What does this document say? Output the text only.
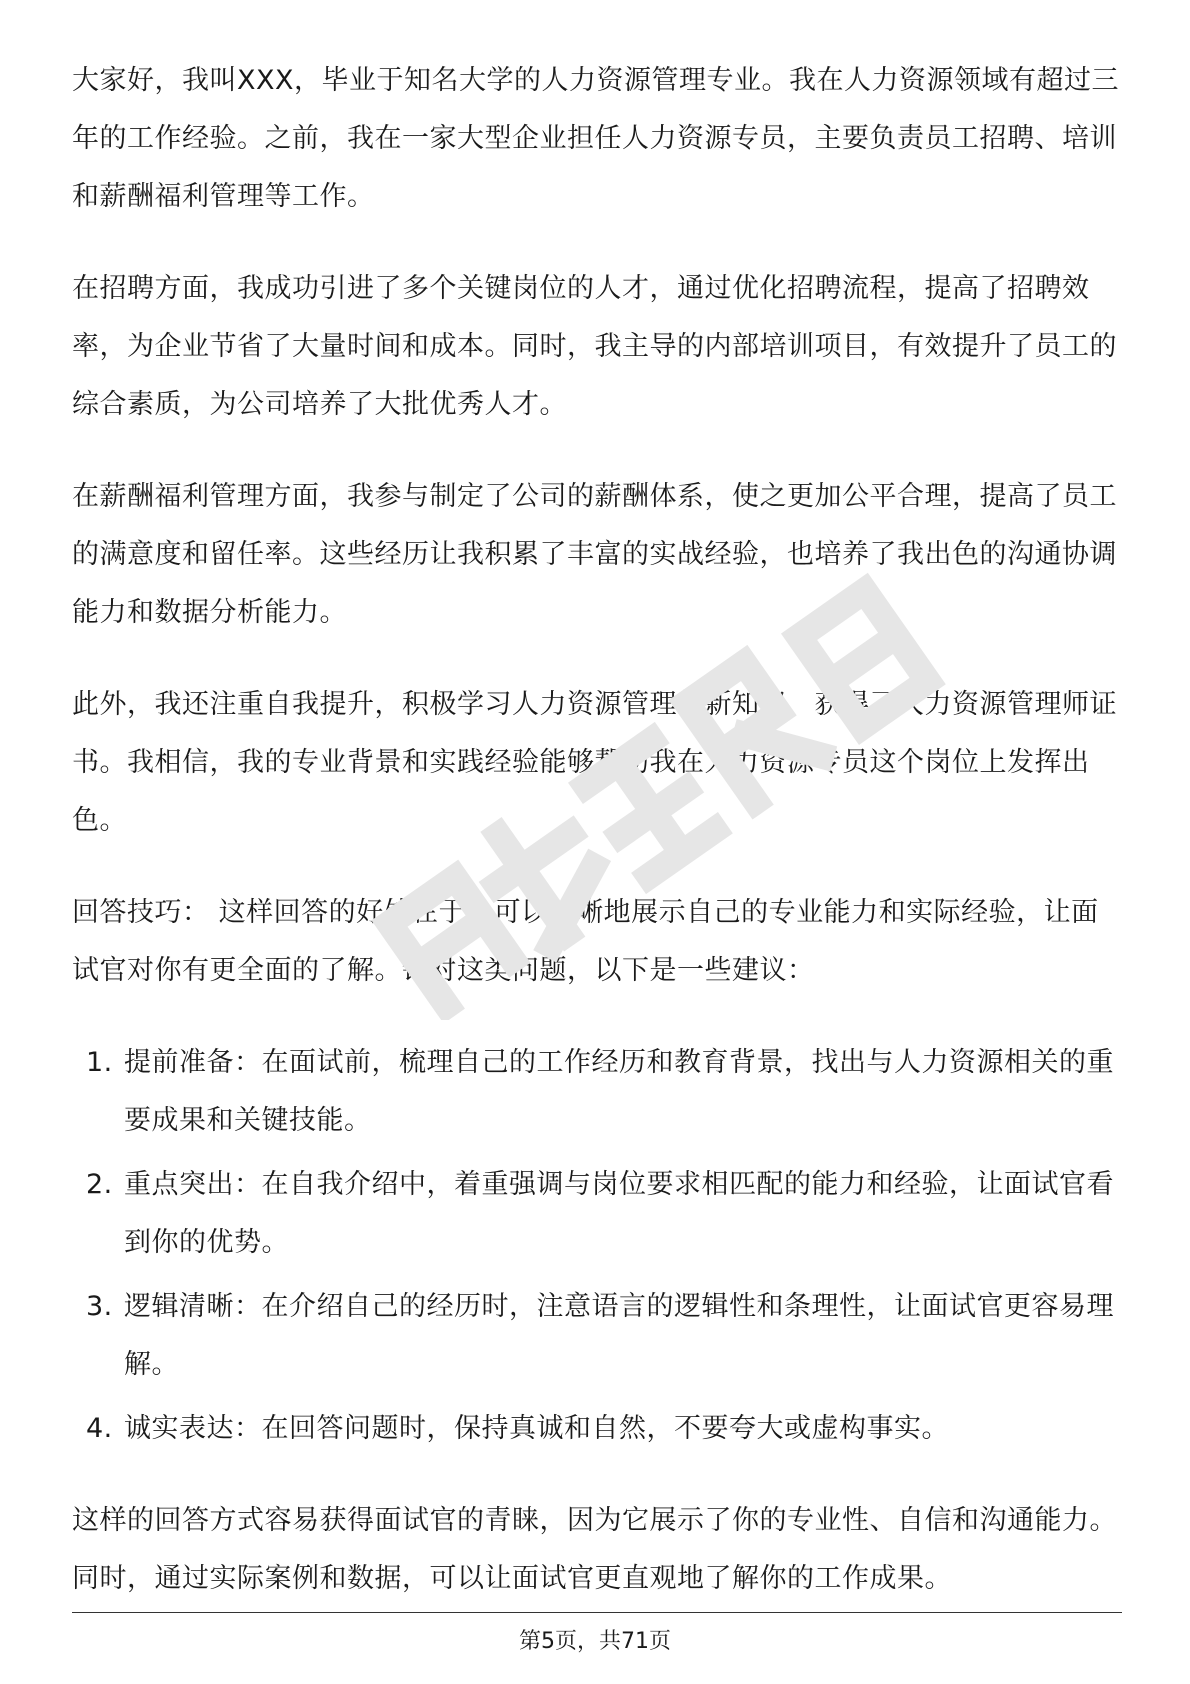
大家好，我叫XXX，毕业于知名大学的人力资源管理专业。我在人力资源领域有超过三年的工作经验。之前，我在一家大型企业担任人力资源专员，主要负责员工招聘、培训和薪酬福利管理等工作。

在招聘方面，我成功引进了多个关键岗位的人才，通过优化招聘流程，提高了招聘效率，为企业节省了大量时间和成本。同时，我主导的内部培训项目，有效提升了员工的综合素质，为公司培养了大批优秀人才。

在薪酬福利管理方面，我参与制定了公司的薪酬体系，使之更加公平合理，提高了员工的满意度和留任率。这些经历让我积累了丰富的实战经验，也培养了我出色的沟通协调能力和数据分析能力。

此外，我还注重自我提升，积极学习人力资源管理的新知识，获得了人力资源管理师证书。我相信，我的专业背景和实践经验能够帮助我在人力资源专员这个岗位上发挥出色。

回答技巧： 这样回答的好处在于，可以清晰地展示自己的专业能力和实际经验，让面试官对你有更全面的了解。针对这类问题，以下是一些建议：

1. 提前准备：在面试前，梳理自己的工作经历和教育背景，找出与人力资源相关的重要成果和关键技能。
2. 重点突出：在自我介绍中，着重强调与岗位要求相匹配的能力和经验，让面试官看到你的优势。
3. 逻辑清晰：在介绍自己的经历时，注意语言的逻辑性和条理性，让面试官更容易理解。
4. 诚实表达：在回答问题时，保持真诚和自然，不要夸大或虚构事实。

这样的回答方式容易获得面试官的青睐，因为它展示了你的专业性、自信和沟通能力。同时，通过实际案例和数据，可以让面试官更直观地了解你的工作成果。

第5页，共71页
